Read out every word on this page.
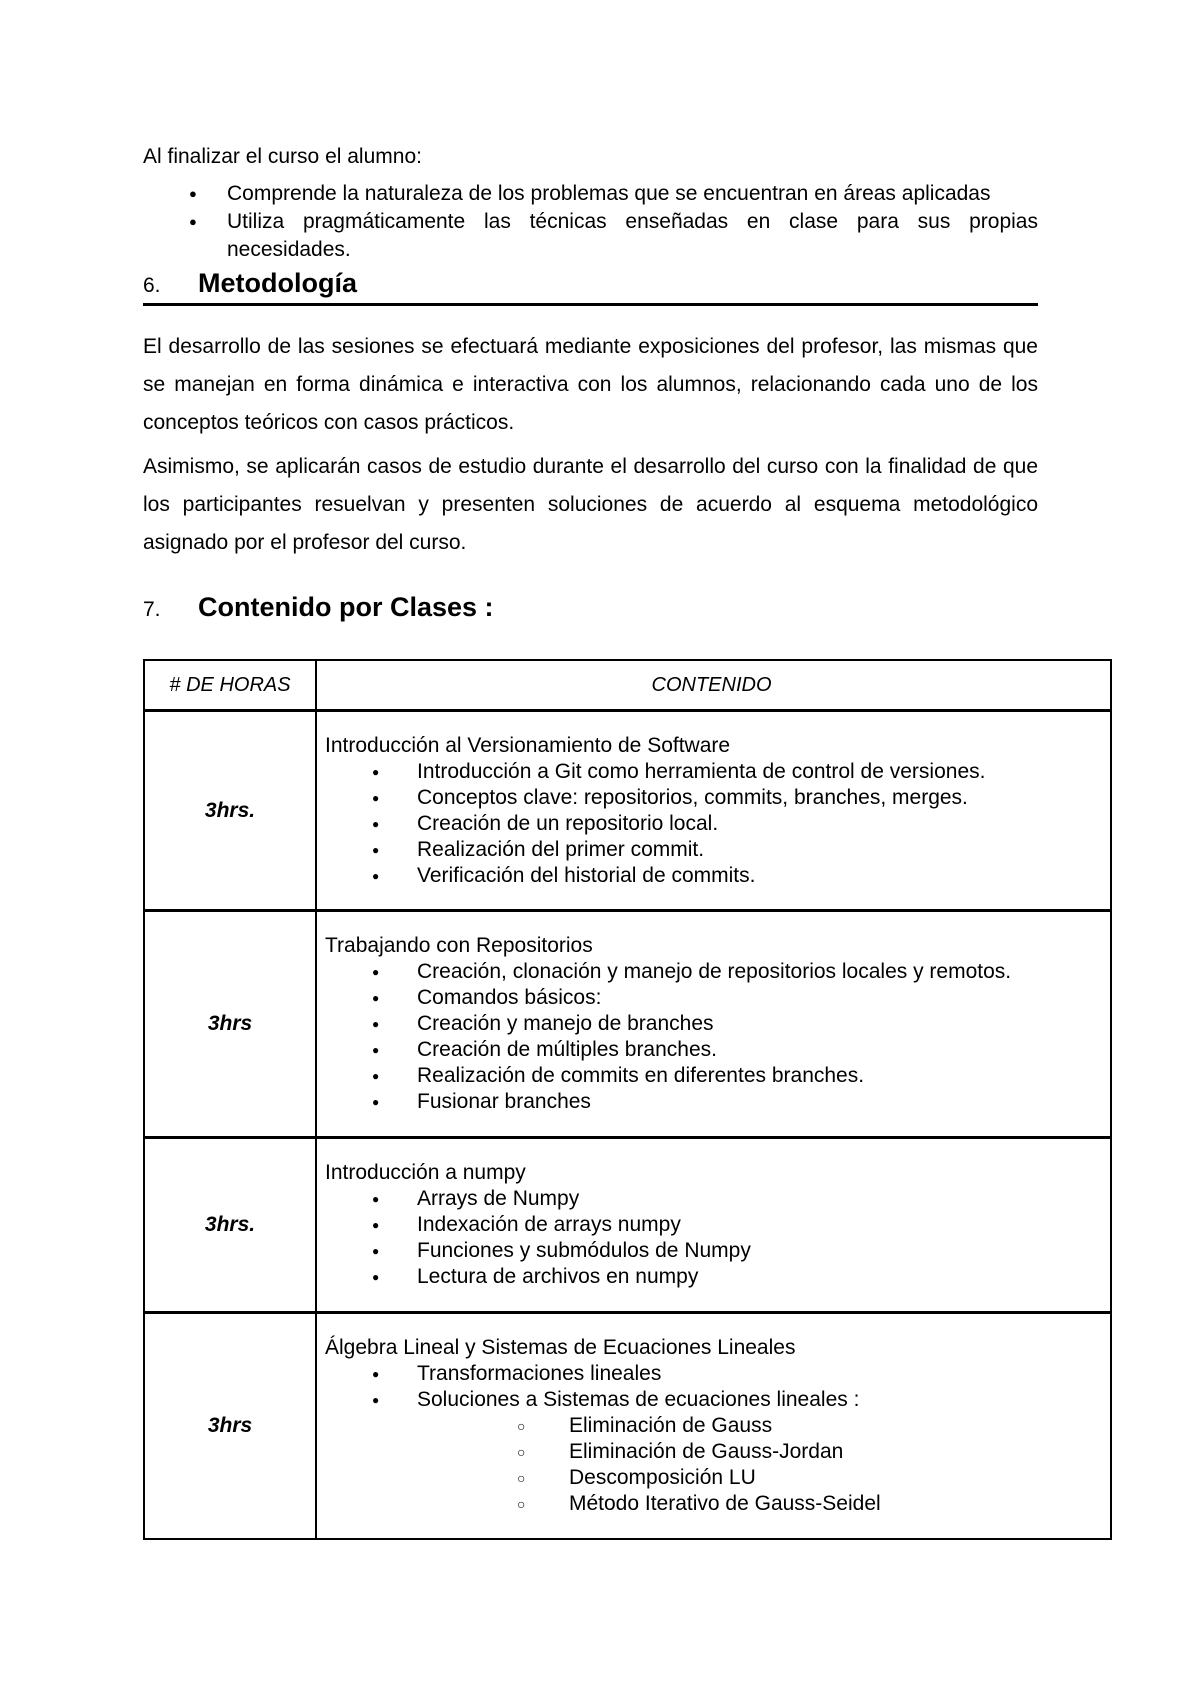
Al finalizar el curso el alumno:

● Comprende la naturaleza de los problemas que se encuentran en áreas aplicadas
● Utiliza pragmáticamente las técnicas enseñadas en clase para sus propias necesidades.
6. Metodología

El desarrollo de las sesiones se efectuará mediante exposiciones del profesor, las mismas que se manejan en forma dinámica e interactiva con los alumnos, relacionando cada uno de los conceptos teóricos con casos prácticos.

Asimismo, se aplicarán casos de estudio durante el desarrollo del curso con la finalidad de que los participantes resuelvan y presenten soluciones de acuerdo al esquema metodológico asignado por el profesor del curso.

7. Contenido por Clases :
# DE HORAS	CONTENIDO
3hrs.
Introducción al Versionamiento de Software
● Introducción a Git como herramienta de control de versiones.
● Conceptos clave: repositorios, commits, branches, merges.
● Creación de un repositorio local.
● Realización del primer commit.
● Verificación del historial de commits.
3hrs
Trabajando con Repositorios
● Creación, clonación y manejo de repositorios locales y remotos.
● Comandos básicos:
● Creación y manejo de branches
● Creación de múltiples branches.
● Realización de commits en diferentes branches.
● Fusionar branches
3hrs.
Introducción a numpy
● Arrays de Numpy
● Indexación de arrays numpy
● Funciones y submódulos de Numpy
● Lectura de archivos en numpy
3hrs
Álgebra Lineal y Sistemas de Ecuaciones Lineales
● Transformaciones lineales
● Soluciones a Sistemas de ecuaciones lineales :
○ Eliminación de Gauss
○ Eliminación de Gauss-Jordan
○ Descomposición LU
○ Método Iterativo de Gauss-Seidel
